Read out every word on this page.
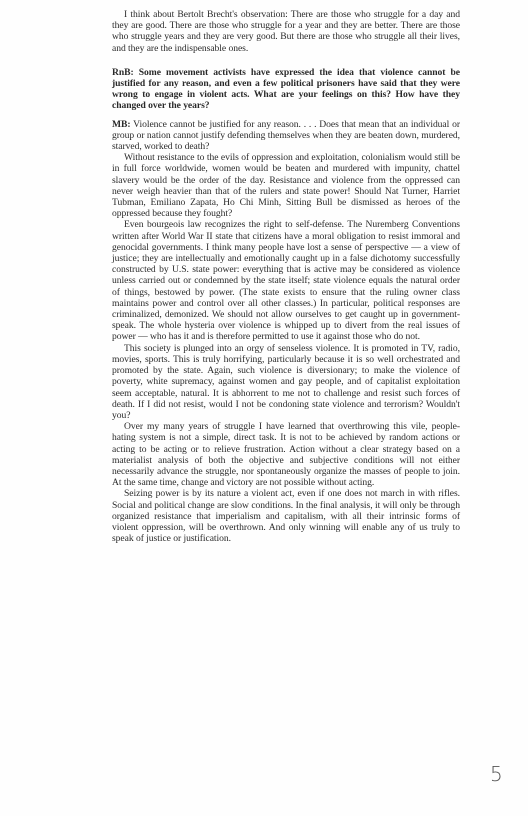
I think about Bertolt Brecht's observation: There are those who struggle for a day and they are good. There are those who struggle for a year and they are better. There are those who struggle years and they are very good. But there are those who struggle all their lives, and they are the indispensable ones.

RnB: Some movement activists have expressed the idea that violence cannot be justified for any reason, and even a few political prisoners have said that they were wrong to engage in violent acts. What are your feelings on this? How have they changed over the years?

MB: Violence cannot be justified for any reason. . . . Does that mean that an individual or group or nation cannot justify defending themselves when they are beaten down, murdered, starved, worked to death?

Without resistance to the evils of oppression and exploitation, colonialism would still be in full force worldwide, women would be beaten and murdered with impunity, chattel slavery would be the order of the day. Resistance and violence from the oppressed can never weigh heavier than that of the rulers and state power! Should Nat Turner, Harriet Tubman, Emiliano Zapata, Ho Chi Minh, Sitting Bull be dismissed as heroes of the oppressed because they fought?

Even bourgeois law recognizes the right to self-defense. The Nuremberg Conventions written after World War II state that citizens have a moral obligation to resist immoral and genocidal governments. I think many people have lost a sense of perspective — a view of justice; they are intellectually and emotionally caught up in a false dichotomy successfully constructed by U.S. state power: everything that is active may be considered as violence unless carried out or condemned by the state itself; state violence equals the natural order of things, bestowed by power. (The state exists to ensure that the ruling owner class maintains power and control over all other classes.) In particular, political responses are criminalized, demonized. We should not allow ourselves to get caught up in government-speak. The whole hysteria over violence is whipped up to divert from the real issues of power — who has it and is therefore permitted to use it against those who do not.

This society is plunged into an orgy of senseless violence. It is promoted in TV, radio, movies, sports. This is truly horrifying, particularly because it is so well orchestrated and promoted by the state. Again, such violence is diversionary; to make the violence of poverty, white supremacy, against women and gay people, and of capitalist exploitation seem acceptable, natural. It is abhorrent to me not to challenge and resist such forces of death. If I did not resist, would I not be condoning state violence and terrorism? Wouldn't you?

Over my many years of struggle I have learned that overthrowing this vile, people-hating system is not a simple, direct task. It is not to be achieved by random actions or acting to be acting or to relieve frustration. Action without a clear strategy based on a materialist analysis of both the objective and subjective conditions will not either necessarily advance the struggle, nor spontaneously organize the masses of people to join. At the same time, change and victory are not possible without acting.

Seizing power is by its nature a violent act, even if one does not march in with rifles. Social and political change are slow conditions. In the final analysis, it will only be through organized resistance that imperialism and capitalism, with all their intrinsic forms of violent oppression, will be overthrown. And only winning will enable any of us truly to speak of justice or justification.

5
